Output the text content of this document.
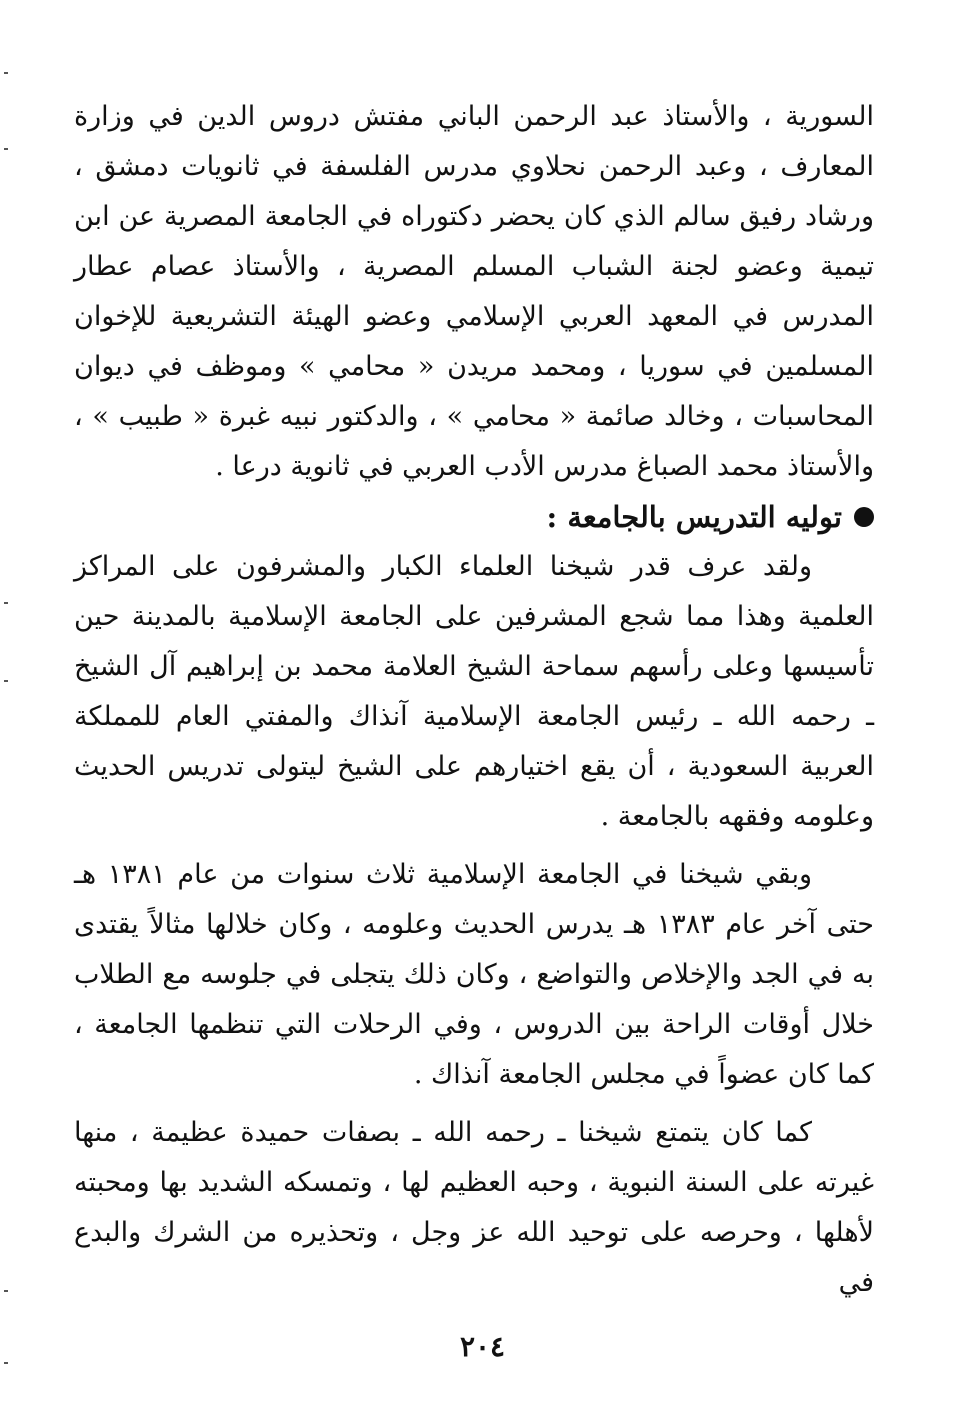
السورية ، والأستاذ عبد الرحمن الباني مفتش دروس الدين في وزارة المعارف ، وعبد الرحمن نحلاوي مدرس الفلسفة في ثانويات دمشق ، ورشاد رفيق سالم الذي كان يحضر دكتوراه في الجامعة المصرية عن ابن تيمية وعضو لجنة الشباب المسلم المصرية ، والأستاذ عصام عطار المدرس في المعهد العربي الإسلامي وعضو الهيئة التشريعية للإخوان المسلمين في سوريا ، ومحمد مريدن « محامي » وموظف في ديوان المحاسبات ، وخالد صائمة « محامي » ، والدكتور نبيه غبرة « طبيب » ، والأستاذ محمد الصباغ مدرس الأدب العربي في ثانوية درعا .

توليه التدريس بالجامعة :

ولقد عرف قدر شيخنا العلماء الكبار والمشرفون على المراكز العلمية وهذا مما شجع المشرفين على الجامعة الإسلامية بالمدينة حين تأسيسها وعلى رأسهم سماحة الشيخ العلامة محمد بن إبراهيم آل الشيخ ـ رحمه الله ـ رئيس الجامعة الإسلامية آنذاك والمفتي العام للمملكة العربية السعودية ، أن يقع اختيارهم على الشيخ ليتولى تدريس الحديث وعلومه وفقهه بالجامعة .

وبقي شيخنا في الجامعة الإسلامية ثلاث سنوات من عام ١٣٨١ هـ حتى آخر عام ١٣٨٣ هـ يدرس الحديث وعلومه ، وكان خلالها مثالاً يقتدى به في الجد والإخلاص والتواضع ، وكان ذلك يتجلى في جلوسه مع الطلاب خلال أوقات الراحة بين الدروس ، وفي الرحلات التي تنظمها الجامعة ، كما كان عضواً في مجلس الجامعة آنذاك .

كما كان يتمتع شيخنا ـ رحمه الله ـ بصفات حميدة عظيمة ، منها غيرته على السنة النبوية ، وحبه العظيم لها ، وتمسكه الشديد بها ومحبته لأهلها ، وحرصه على توحيد الله عز وجل ، وتحذيره من الشرك والبدع في

٢٠٤
